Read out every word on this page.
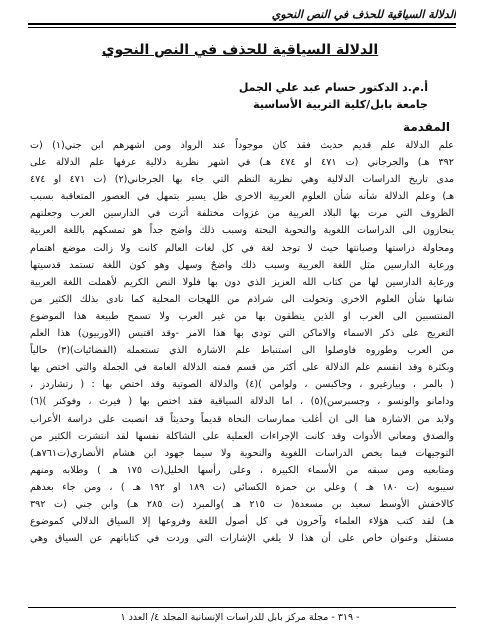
الدلالة السياقية للحذف في النص النحوي
الدلالة السياقية للحذف في النص النحوي
أ.م.د الدكتور حسام عبد علي الجمل
جامعة بابل/كلية التربية الأساسية
المقدمة
علم الدلالة علم قديم حديث فقد كان موجوداً عند الرواد ومن اشهرهم ابن جني(١) (ت
٣٩٢ هـ) والجرجاني (ت ٤٧١ او ٤٧٤ هـ) في اشهر نظرية دلالية عرفها علم الدلالة على
مدى تاريخ الدراسات الدلالية وهي نظرية النظم التي جاء بها الجرجاني(٢) (ت ٤٧١ او ٤٧٤
هـ) وعلم الدلالة شأنه شأن العلوم العربية الاخرى ظل يسير بتمهل في العصور المتعاقبة بسبب
الظروف التي مرت بها البلاد العربية من غزوات مختلفة أثرت في الدارسين العرب وجعلتهم
ينحازون الى الدراسات اللغوية والنحوية البحتة وسبب ذلك واضح جداً هو تمسكهم باللغة العربية
ومحاولة دراستها وصيانتها حيث لا توجد لغة في كل لغات العالم كانت ولا زالت موضع اهتمام
ورعاية الدارسين مثل اللغة العربية وسبب ذلك واضحٌ وسهل وهو كون اللغة تستمد قدسيتها
ورعاية الدارسين لها من كتاب الله العزيز الذي دون بها فلولا النص الكريم لأهملت اللغة العربية
شانها شأن العلوم الاخرى وتحولت الى شراذم من اللهجات المحلية كما نادى بذلك الكثير من
المنتسبين الى العرب او الذين ينطقون بها من غير العرب ولا تسمح طبيعة هذا الموضوع
التعريج على ذكر الاسماء والاماكن التي تودي بها هذا الامر -وقد اقتبس (الاوربيون) هذا العلم
من العرب وطوروه فاوصلوا الى استنباط علم الاشارة الذي تستعمله (الفضائيات)(٣) حالياً
وبكثرة وقد انقسم علم الدلالة على أكثر من قسم فمنه الدلالة العامة في الجملة والتي اختص بها
( بالمر ، وبيارغيرو ، وجاكبسن ، ولوامن )(٤) والدلالة الصوتية وقد اختص بها : ( رتشاردز ،
ودامانو والونسو ، وجسبرسن)(٥) ، اما الدلالة السياقية فقد اختص بها ( فيرث ، وفوكنر )(٦)
ولابد من الاشارة هنا الى ان أغلب ممارسات النحاة قديماً وحديثاً قد انصبت على دراسة الأعراب
والصدق ومعاني الأدوات وقد كانت الإجراءات العملية على الشاكلة نفسها لقد انتشرت الكثير من
التوجيهات فيما يخص الدراسات اللغوية والنحوية ولا سيما جهود ابن هشام الأنصاري(ت٧٦١هـ)
ومتابعيه ومن سبقه من الأسماء الكبيرة ، وعلى رأسها الخليل(ت ١٧٥ هـ ) وطلابه ومنهم
سيبويه (ت ١٨٠ هـ ) وعلي بن حمزة الكسائي (ت ١٨٩ او ١٩٢ هـ ) ، ومن جاء بعدهم
كالاخفش الأوسط سعيد بن مسعدة( ت ٢١٥ هـ )والمبرد (ت ٢٨٥ هـ) وابن جني (ت ٣٩٢
هـ) لقد كتب هؤلاء العلماء وآخرون في كل أصول اللغة وفروعها إلا السياق الدلالي كموضوع
مستقل وعنوان خاص على أن هذا لا يلغي الإشارات التي وردت في كتاباتهم عن السياق وهي
- ٣١٩ - مجلة مركز بابل للدراسات الإنسانية المجلد ٤/ العدد ١
